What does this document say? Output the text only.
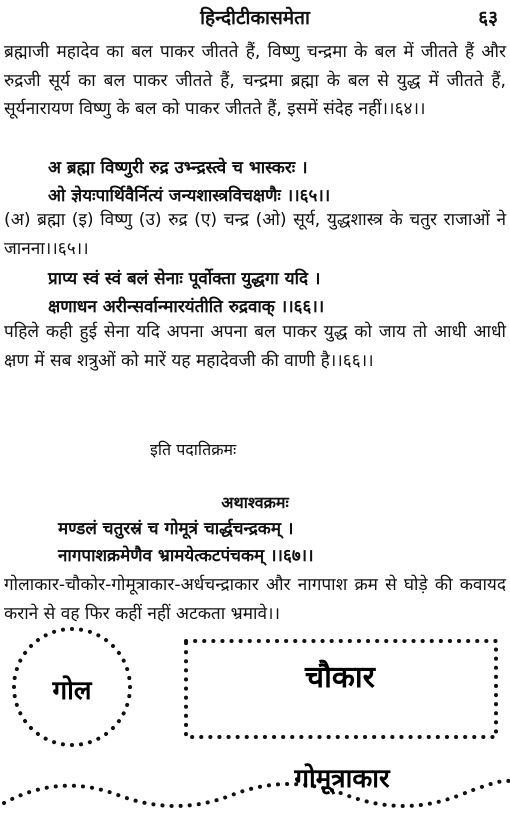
हिन्दीटीकासमेता	६३
ब्रह्माजी महादेव का बल पाकर जीतते हैं, विष्णु चन्द्रमा के बल में जीतते हैं और रुद्रजी सूर्य का बल पाकर जीतते हैं, चन्द्रमा ब्रह्मा के बल से युद्ध में जीतते हैं, सूर्यनारायण विष्णु के बल को पाकर जीतते हैं, इसमें संदेह नहीं।।६४।।
अ ब्रह्मा विष्णुरी रुद्र उभ्न्द्रस्त्वे च भास्करः ।
ओ ज्ञेयःपार्थिवैर्नित्यं जन्यशास्त्रविचक्षणैः ।।६५।।
(अ) ब्रह्मा (इ) विष्णु (उ) रुद्र (ए) चन्द्र (ओ) सूर्य, युद्धशास्त्र के चतुर राजाओं ने जानना।।६५।।
प्राप्य स्वं स्वं बलं सेनाः पूर्वोक्ता युद्धगा यदि ।
क्षणाधन अरीन्सर्वान्मारयंतीति रुद्रवाक् ।।६६।।
पहिले कही हुई सेना यदि अपना अपना बल पाकर युद्ध को जाय तो आधी आधी क्षण में सब शत्रुओं को मारें यह महादेवजी की वाणी है।।६६।।
इति पदातिक्रमः
अथाश्वक्रमः
मण्डलं चतुरस्रं च गोमूत्रं चार्द्धचन्द्रकम् ।
नागपाशक्रमेणैव भ्रामयेत्कटपंचकम् ।।६७।।
गोलाकार-चौकोर-गोमूत्राकार-अर्धचन्द्राकार और नागपाश क्रम से घोड़े की कवायद कराने से वह फिर कहीं नहीं अटकता भ्रमावे।।
गोल	चौकार
गोमूत्राकार
